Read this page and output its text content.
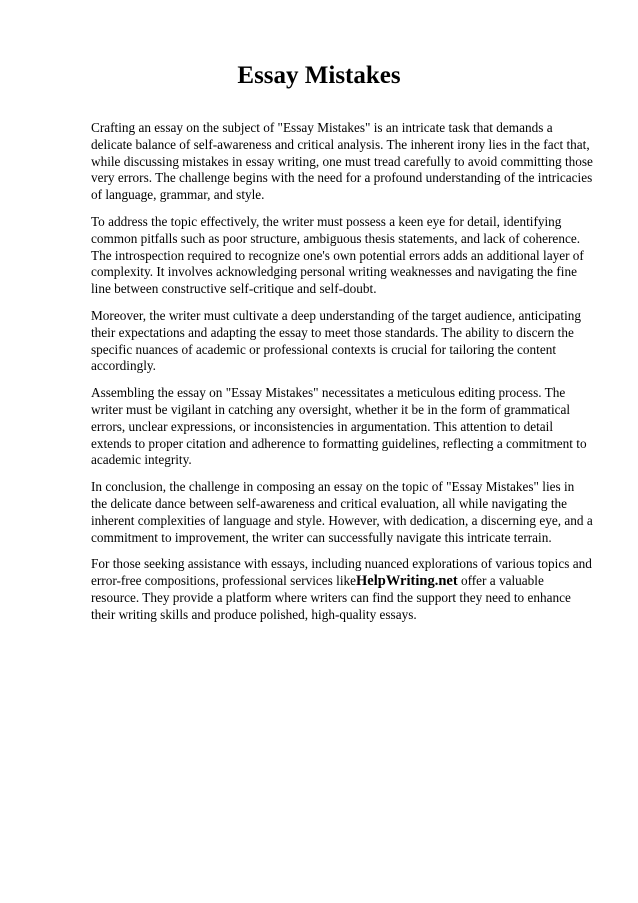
Essay Mistakes

Crafting an essay on the subject of "Essay Mistakes" is an intricate task that demands a delicate balance of self-awareness and critical analysis. The inherent irony lies in the fact that, while discussing mistakes in essay writing, one must tread carefully to avoid committing those very errors. The challenge begins with the need for a profound understanding of the intricacies of language, grammar, and style.

To address the topic effectively, the writer must possess a keen eye for detail, identifying common pitfalls such as poor structure, ambiguous thesis statements, and lack of coherence. The introspection required to recognize one's own potential errors adds an additional layer of complexity. It involves acknowledging personal writing weaknesses and navigating the fine line between constructive self-critique and self-doubt.

Moreover, the writer must cultivate a deep understanding of the target audience, anticipating their expectations and adapting the essay to meet those standards. The ability to discern the specific nuances of academic or professional contexts is crucial for tailoring the content accordingly.

Assembling the essay on "Essay Mistakes" necessitates a meticulous editing process. The writer must be vigilant in catching any oversight, whether it be in the form of grammatical errors, unclear expressions, or inconsistencies in argumentation. This attention to detail extends to proper citation and adherence to formatting guidelines, reflecting a commitment to academic integrity.

In conclusion, the challenge in composing an essay on the topic of "Essay Mistakes" lies in the delicate dance between self-awareness and critical evaluation, all while navigating the inherent complexities of language and style. However, with dedication, a discerning eye, and a commitment to improvement, the writer can successfully navigate this intricate terrain.

For those seeking assistance with essays, including nuanced explorations of various topics and error-free compositions, professional services likeHelpWriting.net offer a valuable resource. They provide a platform where writers can find the support they need to enhance their writing skills and produce polished, high-quality essays.
